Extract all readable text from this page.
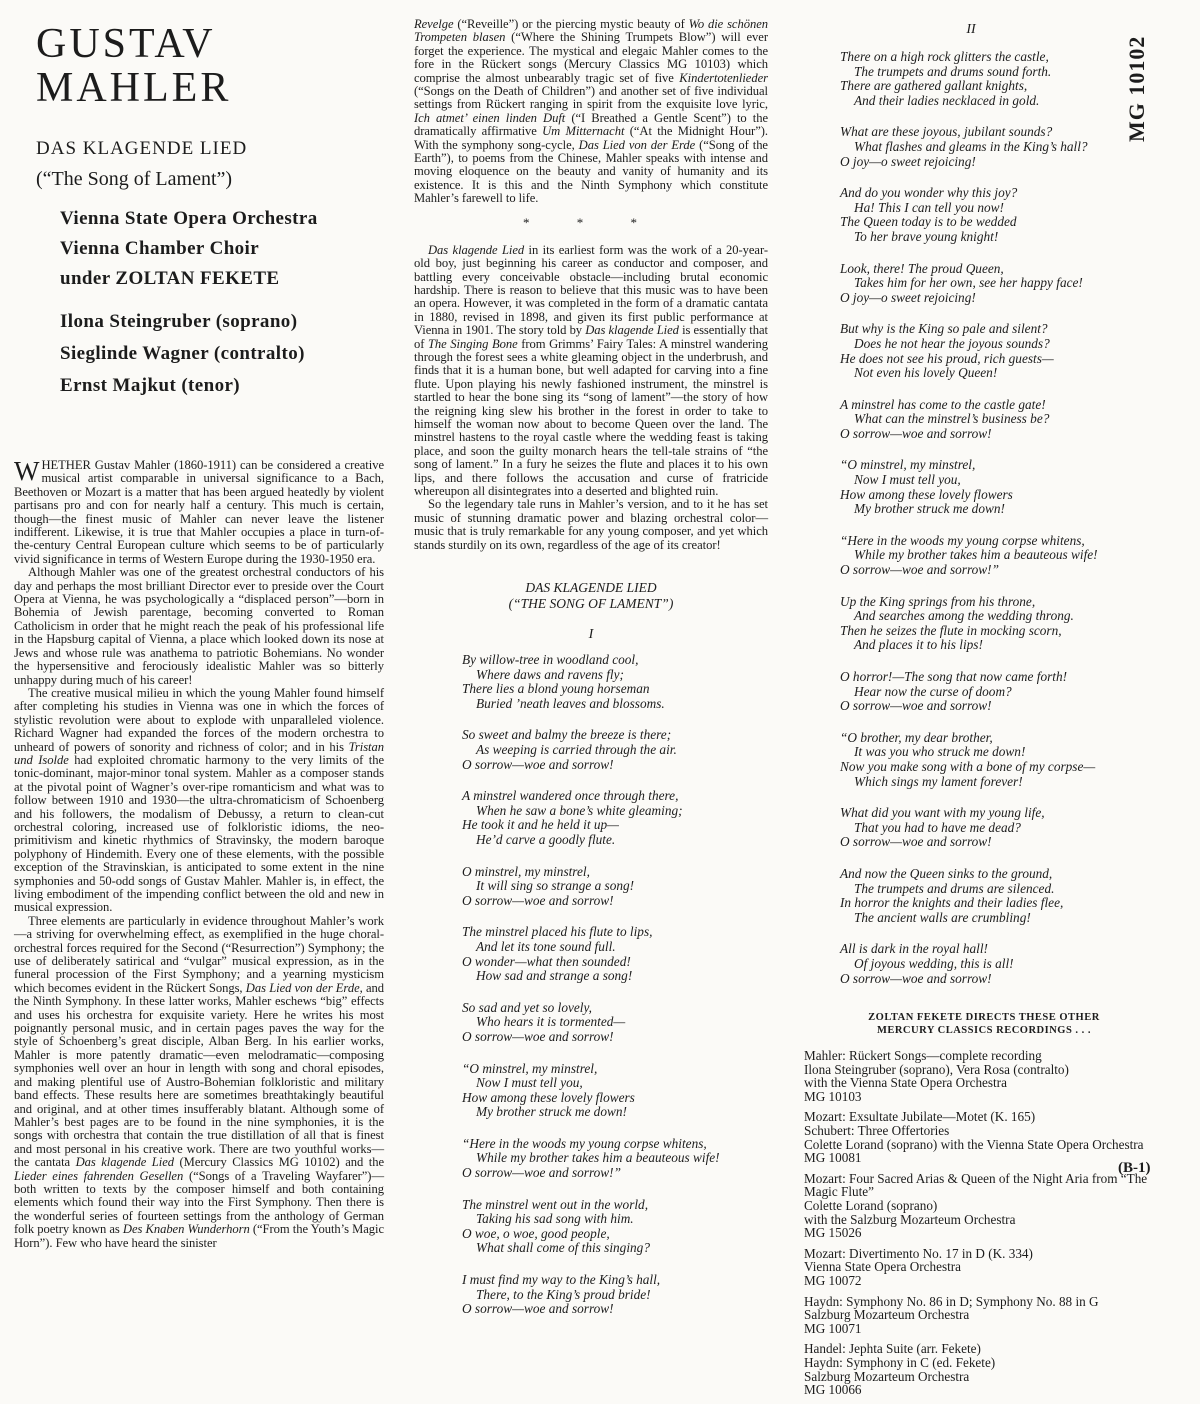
GUSTAV MAHLER
DAS KLAGENDE LIED
(“The Song of Lament”)
Vienna State Opera Orchestra
Vienna Chamber Choir
under ZOLTAN FEKETE
Ilona Steingruber (soprano)
Sieglinde Wagner (contralto)
Ernst Majkut (tenor)

WHETHER Gustav Mahler (1860-1911) can be considered a creative musical artist comparable in universal significance to a Bach, Beethoven or Mozart is a matter that has been argued heatedly by violent partisans pro and con for nearly half a century. This much is certain, though—the finest music of Mahler can never leave the listener indifferent. Likewise, it is true that Mahler occupies a place in turn-of-the-century Central European culture which seems to be of particularly vivid significance in terms of Western Europe during the 1930-1950 era.

Although Mahler was one of the greatest orchestral conductors of his day and perhaps the most brilliant Director ever to preside over the Court Opera at Vienna, he was psychologically a “displaced person”—born in Bohemia of Jewish parentage, becoming converted to Roman Catholicism in order that he might reach the peak of his professional life in the Hapsburg capital of Vienna, a place which looked down its nose at Jews and whose rule was anathema to patriotic Bohemians. No wonder the hypersensitive and ferociously idealistic Mahler was so bitterly unhappy during much of his career!

The creative musical milieu in which the young Mahler found himself after completing his studies in Vienna was one in which the forces of stylistic revolution were about to explode with unparalleled violence. Richard Wagner had expanded the forces of the modern orchestra to unheard of powers of sonority and richness of color; and in his Tristan und Isolde had exploited chromatic harmony to the very limits of the tonic-dominant, major-minor tonal system. Mahler as a composer stands at the pivotal point of Wagner’s over-ripe romanticism and what was to follow between 1910 and 1930—the ultra-chromaticism of Schoenberg and his followers, the modalism of Debussy, a return to clean-cut orchestral coloring, increased use of folkloristic idioms, the neo-primitivism and kinetic rhythmics of Stravinsky, the modern baroque polyphony of Hindemith. Every one of these elements, with the possible exception of the Stravinskian, is anticipated to some extent in the nine symphonies and 50-odd songs of Gustav Mahler. Mahler is, in effect, the living embodiment of the impending conflict between the old and new in musical expression.

Three elements are particularly in evidence throughout Mahler’s work—a striving for overwhelming effect, as exemplified in the huge choral-orchestral forces required for the Second (“Resurrection”) Symphony; the use of deliberately satirical and “vulgar” musical expression, as in the funeral procession of the First Symphony; and a yearning mysticism which becomes evident in the Rückert Songs, Das Lied von der Erde, and the Ninth Symphony. In these latter works, Mahler eschews “big” effects and uses his orchestra for exquisite variety. Here he writes his most poignantly personal music, and in certain pages paves the way for the style of Schoenberg’s great disciple, Alban Berg. In his earlier works, Mahler is more patently dramatic—even melodramatic—composing symphonies well over an hour in length with song and choral episodes, and making plentiful use of Austro-Bohemian folkloristic and military band effects. These results here are sometimes breathtakingly beautiful and original, and at other times insufferably blatant. Although some of Mahler’s best pages are to be found in the nine symphonies, it is the songs with orchestra that contain the true distillation of all that is finest and most personal in his creative work. There are two youthful works—the cantata Das klagende Lied (Mercury Classics MG 10102) and the Lieder eines fahrenden Gesellen (“Songs of a Traveling Wayfarer”)—both written to texts by the composer himself and both containing elements which found their way into the First Symphony. Then there is the wonderful series of fourteen settings from the anthology of German folk poetry known as Des Knaben Wunderhorn (“From the Youth’s Magic Horn”). Few who have heard the sinister

Revelge (“Reveille”) or the piercing mystic beauty of Wo die schönen Trompeten blasen (“Where the Shining Trumpets Blow”) will ever forget the experience. The mystical and elegaic Mahler comes to the fore in the Rückert songs (Mercury Classics MG 10103) which comprise the almost unbearably tragic set of five Kindertotenlieder (“Songs on the Death of Children”) and another set of five individual settings from Rückert ranging in spirit from the exquisite love lyric, Ich atmet’ einen linden Duft (“I Breathed a Gentle Scent”) to the dramatically affirmative Um Mitternacht (“At the Midnight Hour”). With the symphony song-cycle, Das Lied von der Erde (“Song of the Earth”), to poems from the Chinese, Mahler speaks with intense and moving eloquence on the beauty and vanity of humanity and its existence. It is this and the Ninth Symphony which constitute Mahler’s farewell to life.

* * *

Das klagende Lied in its earliest form was the work of a 20-year-old boy, just beginning his career as conductor and composer, and battling every conceivable obstacle—including brutal economic hardship. There is reason to believe that this music was to have been an opera. However, it was completed in the form of a dramatic cantata in 1880, revised in 1898, and given its first public performance at Vienna in 1901. The story told by Das klagende Lied is essentially that of The Singing Bone from Grimms’ Fairy Tales: A minstrel wandering through the forest sees a white gleaming object in the underbrush, and finds that it is a human bone, but well adapted for carving into a fine flute. Upon playing his newly fashioned instrument, the minstrel is startled to hear the bone sing its “song of lament”—the story of how the reigning king slew his brother in the forest in order to take to himself the woman now about to become Queen over the land. The minstrel hastens to the royal castle where the wedding feast is taking place, and soon the guilty monarch hears the tell-tale strains of “the song of lament.” In a fury he seizes the flute and places it to his own lips, and there follows the accusation and curse of fratricide whereupon all disintegrates into a deserted and blighted ruin.

So the legendary tale runs in Mahler’s version, and to it he has set music of stunning dramatic power and blazing orchestral color—music that is truly remarkable for any young composer, and yet which stands sturdily on its own, regardless of the age of its creator!

DAS KLAGENDE LIED
(“THE SONG OF LAMENT”)
I
By willow-tree in woodland cool,
Where daws and ravens fly;
There lies a blond young horseman
Buried ’neath leaves and blossoms.
So sweet and balmy the breeze is there;
As weeping is carried through the air.
O sorrow—woe and sorrow!
A minstrel wandered once through there,
When he saw a bone’s white gleaming;
He took it and he held it up—
He’d carve a goodly flute.
O minstrel, my minstrel,
It will sing so strange a song!
O sorrow—woe and sorrow!
The minstrel placed his flute to lips,
And let its tone sound full.
O wonder—what then sounded!
How sad and strange a song!
So sad and yet so lovely,
Who hears it is tormented—
O sorrow—woe and sorrow!
“O minstrel, my minstrel,
Now I must tell you,
How among these lovely flowers
My brother struck me down!
“Here in the woods my young corpse whitens,
While my brother takes him a beauteous wife!
O sorrow—woe and sorrow!”
The minstrel went out in the world,
Taking his sad song with him.
O woe, o woe, good people,
What shall come of this singing?
I must find my way to the King’s hall,
There, to the King’s proud bride!
O sorrow—woe and sorrow!
II
There on a high rock glitters the castle,
The trumpets and drums sound forth.
There are gathered gallant knights,
And their ladies necklaced in gold.
What are these joyous, jubilant sounds?
What flashes and gleams in the King’s hall?
O joy—o sweet rejoicing!
And do you wonder why this joy?
Ha! This I can tell you now!
The Queen today is to be wedded
To her brave young knight!
Look, there! The proud Queen,
Takes him for her own, see her happy face!
O joy—o sweet rejoicing!
But why is the King so pale and silent?
Does he not hear the joyous sounds?
He does not see his proud, rich guests—
Not even his lovely Queen!
A minstrel has come to the castle gate!
What can the minstrel’s business be?
O sorrow—woe and sorrow!
“O minstrel, my minstrel,
Now I must tell you,
How among these lovely flowers
My brother struck me down!
“Here in the woods my young corpse whitens,
While my brother takes him a beauteous wife!
O sorrow—woe and sorrow!”
Up the King springs from his throne,
And searches among the wedding throng.
Then he seizes the flute in mocking scorn,
And places it to his lips!
O horror!—The song that now came forth!
Hear now the curse of doom?
O sorrow—woe and sorrow!
“O brother, my dear brother,
It was you who struck me down!
Now you make song with a bone of my corpse—
Which sings my lament forever!
What did you want with my young life,
That you had to have me dead?
O sorrow—woe and sorrow!
And now the Queen sinks to the ground,
The trumpets and drums are silenced.
In horror the knights and their ladies flee,
The ancient walls are crumbling!
All is dark in the royal hall!
Of joyous wedding, this is all!
O sorrow—woe and sorrow!
ZOLTAN FEKETE DIRECTS THESE OTHER
MERCURY CLASSICS RECORDINGS . . .
Mahler: Rückert Songs—complete recording
Ilona Steingruber (soprano), Vera Rosa (contralto)
with the Vienna State Opera Orchestra
MG 10103
Mozart: Exsultate Jubilate—Motet (K. 165)
Schubert: Three Offertories
Colette Lorand (soprano) with the Vienna State Opera Orchestra
MG 10081
Mozart: Four Sacred Arias & Queen of the Night Aria from “The Magic Flute”
Colette Lorand (soprano)
with the Salzburg Mozarteum Orchestra
MG 15026
Mozart: Divertimento No. 17 in D (K. 334)
Vienna State Opera Orchestra
MG 10072
Haydn: Symphony No. 86 in D; Symphony No. 88 in G
Salzburg Mozarteum Orchestra
MG 10071
Handel: Jephta Suite (arr. Fekete)
Haydn: Symphony in C (ed. Fekete)
Salzburg Mozarteum Orchestra
MG 10066
MG 10102
(B-1)
